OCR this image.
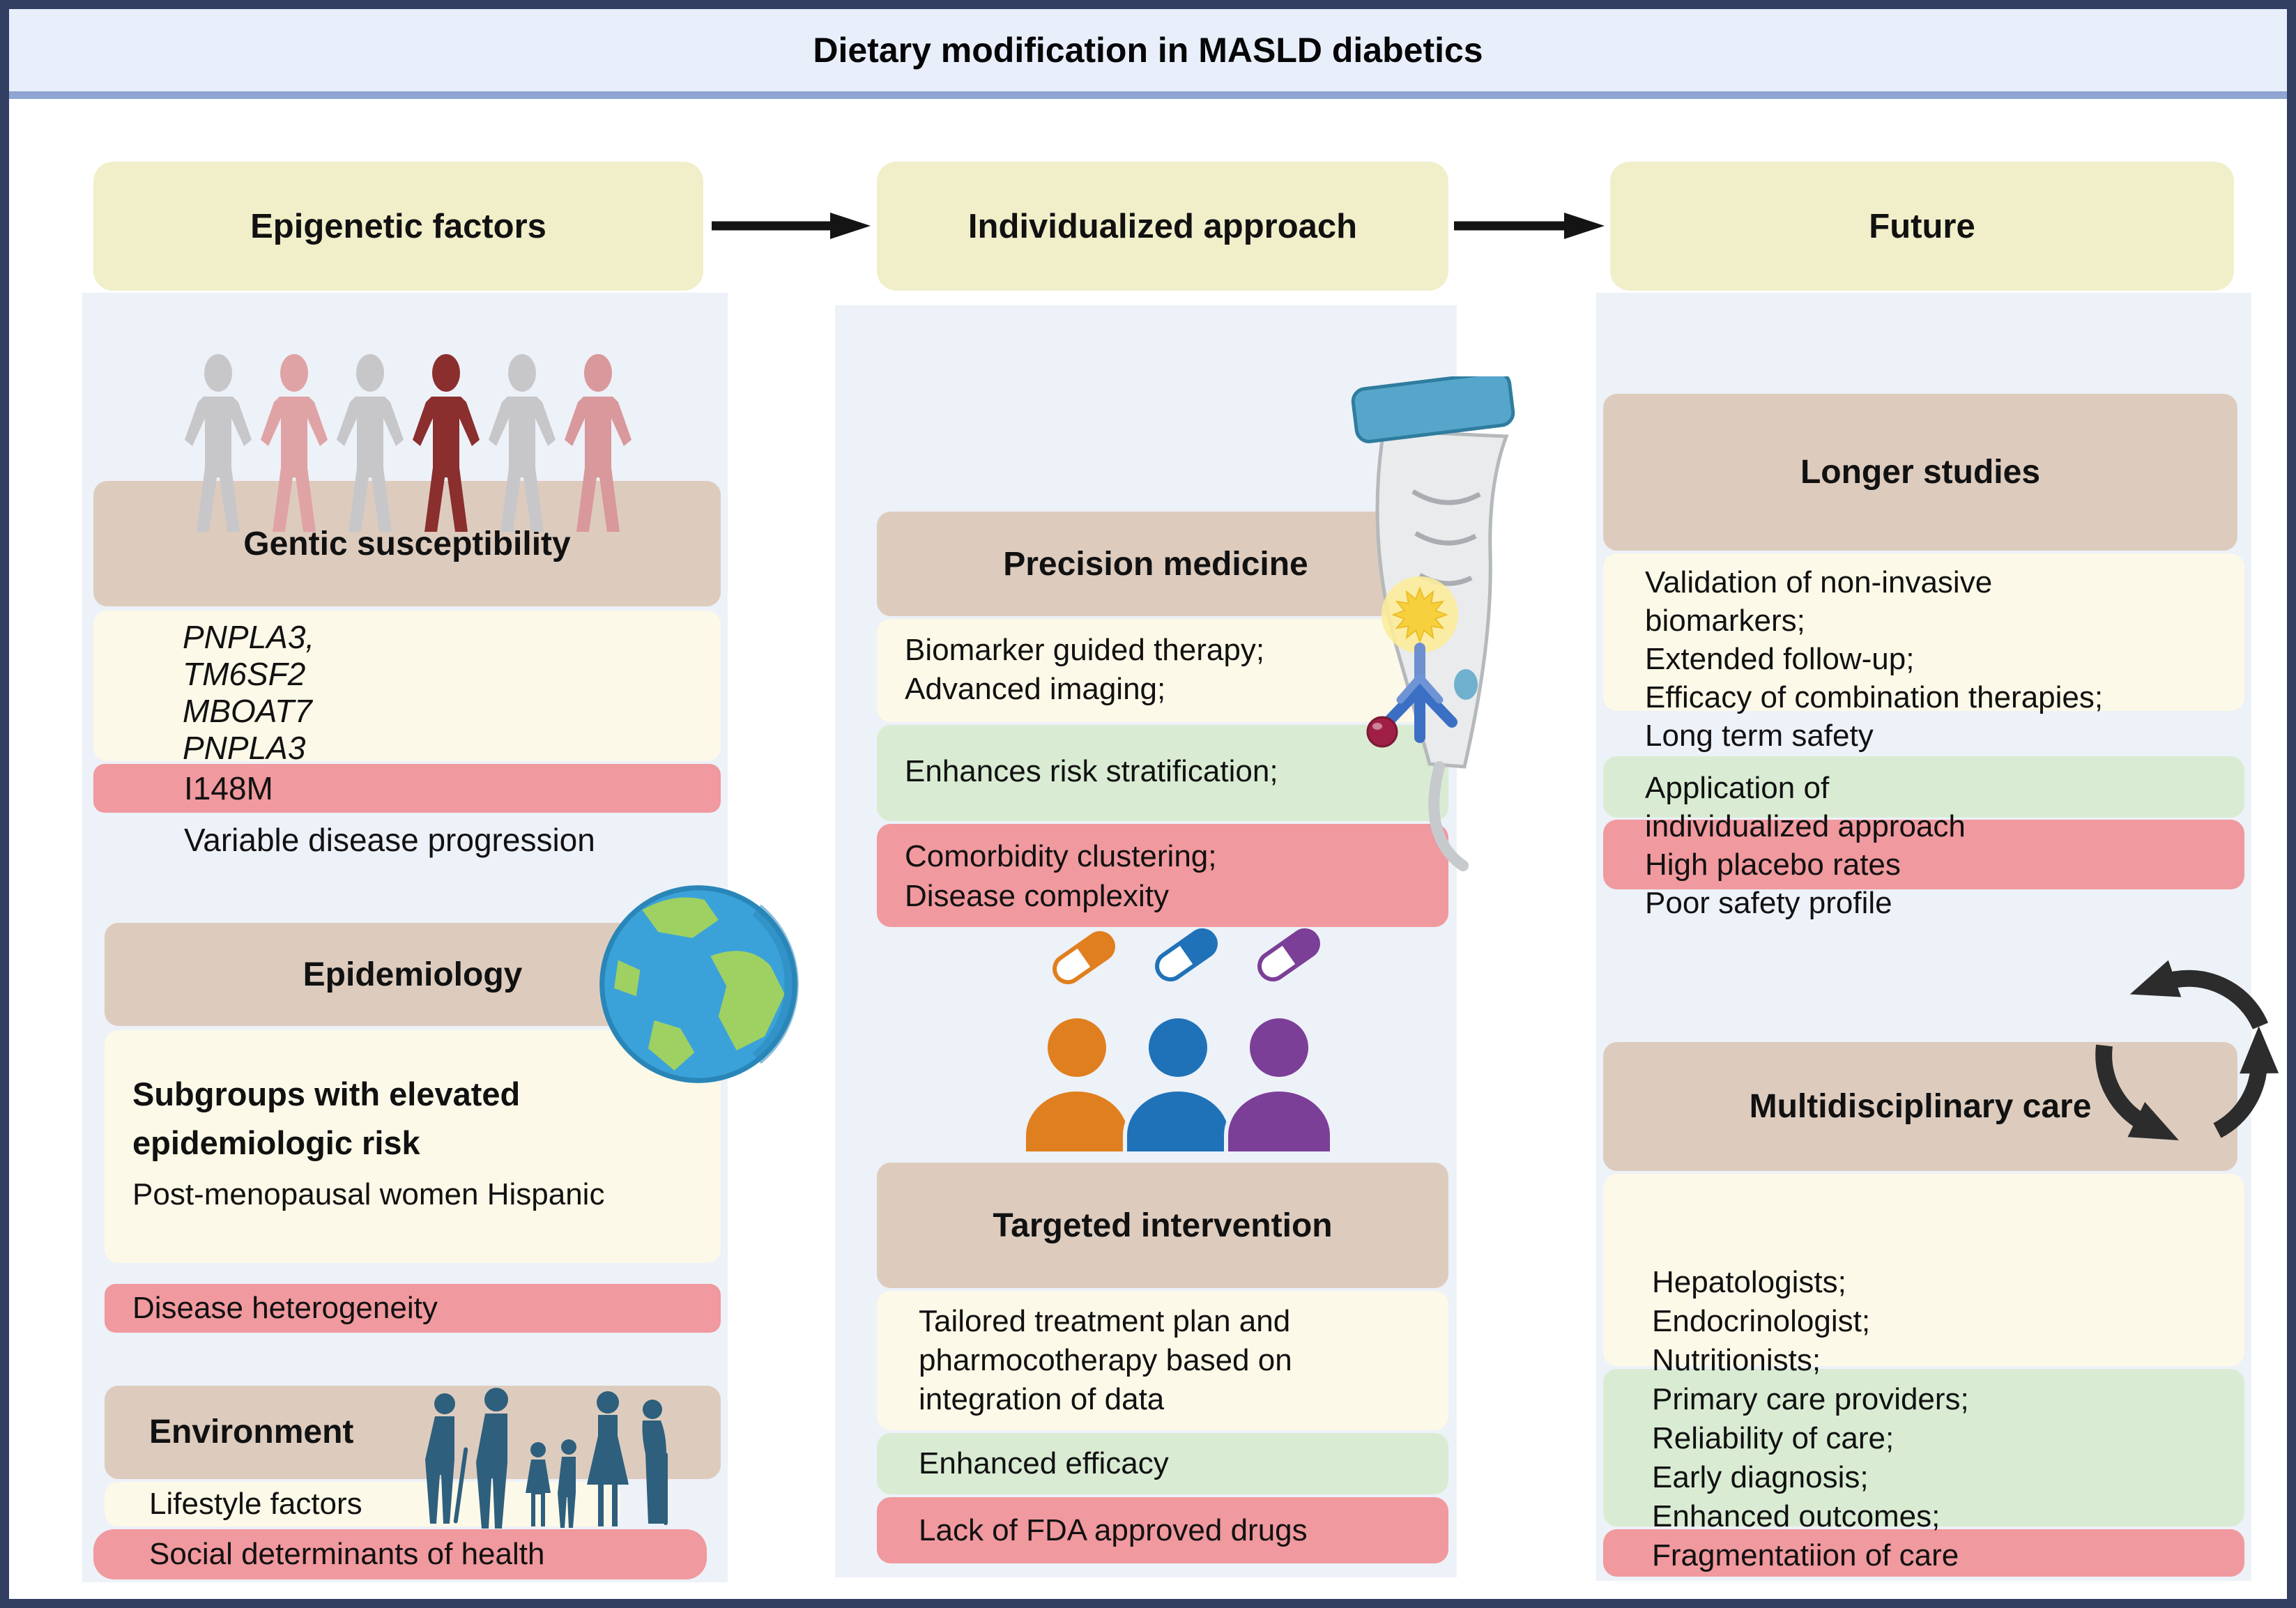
Dietary modification in MASLD diabetics
Epigenetic factors	Individualized approach	Future
Gentic susceptibility
PNPLA3,
TM6SF2
MBOAT7
PNPLA3
I148M
Variable disease progression
Epidemiology
Subgroups with elevated
epidemiologic risk
Post-menopausal women Hispanic
Disease heterogeneity
Environment
Lifestyle factors
Social determinants of health
Precision medicine
Biomarker guided therapy;
Advanced imaging;
Enhances risk stratification;
Comorbidity clustering;
Disease complexity
Targeted intervention
Tailored treatment plan and
pharmocotherapy based on
integration of data
Enhanced efficacy
Lack of FDA approved drugs
Longer studies
Validation of non-invasive
biomarkers;
Extended follow-up;
Efficacy of combination therapies;
Long term safety
Application of
individualized approach
High placebo rates
Poor safety profile
Multidisciplinary care
Hepatologists;
Endocrinologist;
Nutritionists;
Primary care providers;
Reliability of care;
Early diagnosis;
Enhanced outcomes;
Fragmentatiion of care
